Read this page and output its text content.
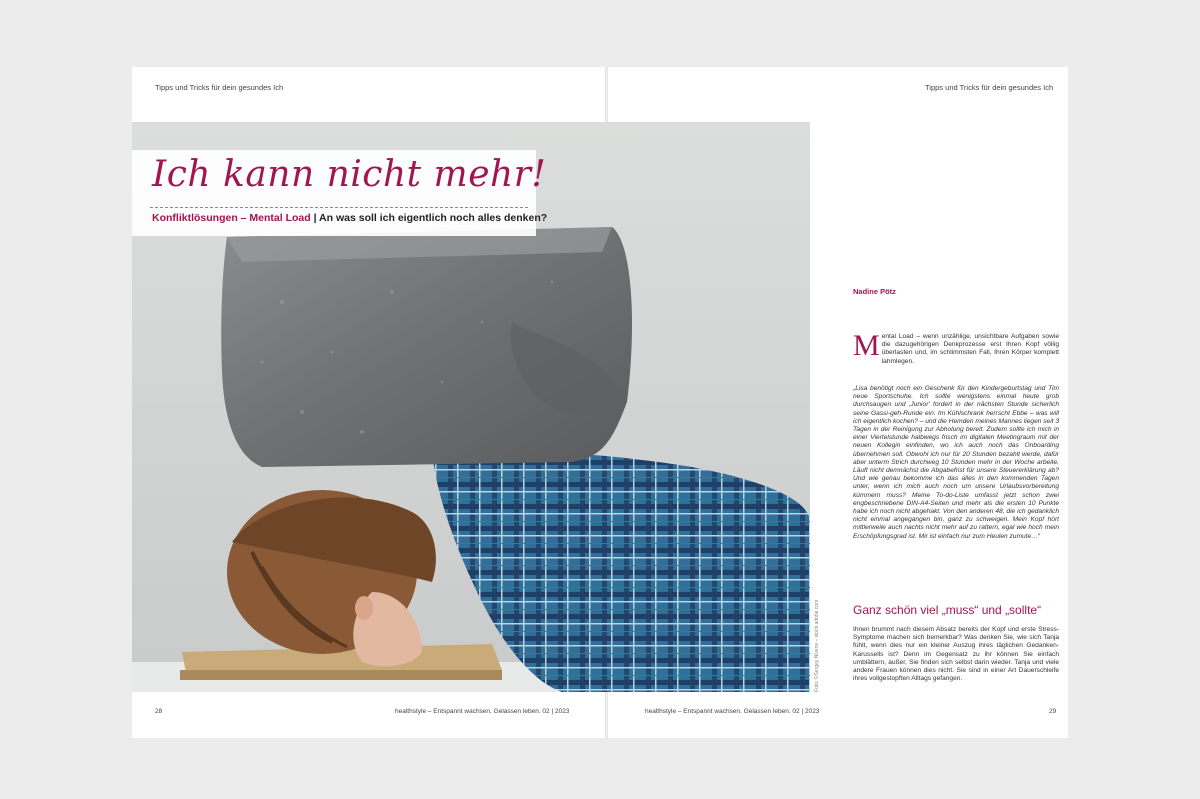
Tipps und Tricks für dein gesundes Ich	Tipps und Tricks für dein gesundes Ich
Ich kann nicht mehr!
Konfliktlösungen – Mental Load | An was soll ich eigentlich noch alles denken?
Foto: ©Sergey Nivens – stock.adobe.com
Nadine Pötz
Mental Load – wenn unzählige, unsichtbare Aufgaben sowie die dazugehörigen Denkprozesse erst Ihren Kopf völlig überlasten und, im schlimmsten Fall, Ihren Körper komplett lahmlegen.
„Lisa benötigt noch ein Geschenk für den Kindergeburtstag und Tim neue Sportschuhe. Ich sollte wenigstens einmal heute grob durchsaugen und ‚Junior' fordert in der nächsten Stunde sicherlich seine Gassi-geh-Runde ein. Im Kühlschrank herrscht Ebbe – was will ich eigentlich kochen? – und die Hemden meines Mannes liegen seit 3 Tagen in der Reinigung zur Abholung bereit. Zudem sollte ich mich in einer Viertelstunde halbwegs frisch im digitalen Meetingraum mit der neuen Kollegin einfinden, wo ich auch noch das Onboarding übernehmen soll. Obwohl ich nur für 20 Stunden bezahlt werde, dafür aber unterm Strich durchweg 10 Stunden mehr in der Woche arbeite. Läuft nicht demnächst die Abgabefrist für unsere Steuererklärung ab? Und wie genau bekomme ich das alles in den kommenden Tagen unter, wenn ich mich auch noch um unsere Urlaubsvorbereitung kümmern muss? Meine To-do-Liste umfasst jetzt schon zwei engbeschriebene DIN-A4-Seiten und mehr als die ersten 10 Punkte habe ich noch nicht abgehakt. Von den anderen 48, die ich gedanklich nicht einmal angegangen bin, ganz zu schweigen. Mein Kopf hört mittlerweile auch nachts nicht mehr auf zu rattern, egal wie hoch mein Erschöpfungsgrad ist. Mir ist einfach nur zum Heulen zumute…“
Ganz schön viel „muss“ und „sollte“
Ihnen brummt nach diesem Absatz bereits der Kopf und erste Stress-Symptome machen sich bemerkbar? Was denken Sie, wie sich Tanja fühlt, wenn dies nur ein kleiner Auszug ihres täglichen Gedanken-Karussells ist? Denn im Gegensatz zu ihr können Sie einfach umblättern, außer, Sie finden sich selbst darin wieder. Tanja und viele andere Frauen können dies nicht. Sie sind in einer Art Dauerschleife ihres vollgestopften Alltags gefangen.
28	healthstyle – Entspannt wachsen. Gelassen leben. 02 | 2023	healthstyle – Entspannt wachsen. Gelassen leben. 02 | 2023	29
